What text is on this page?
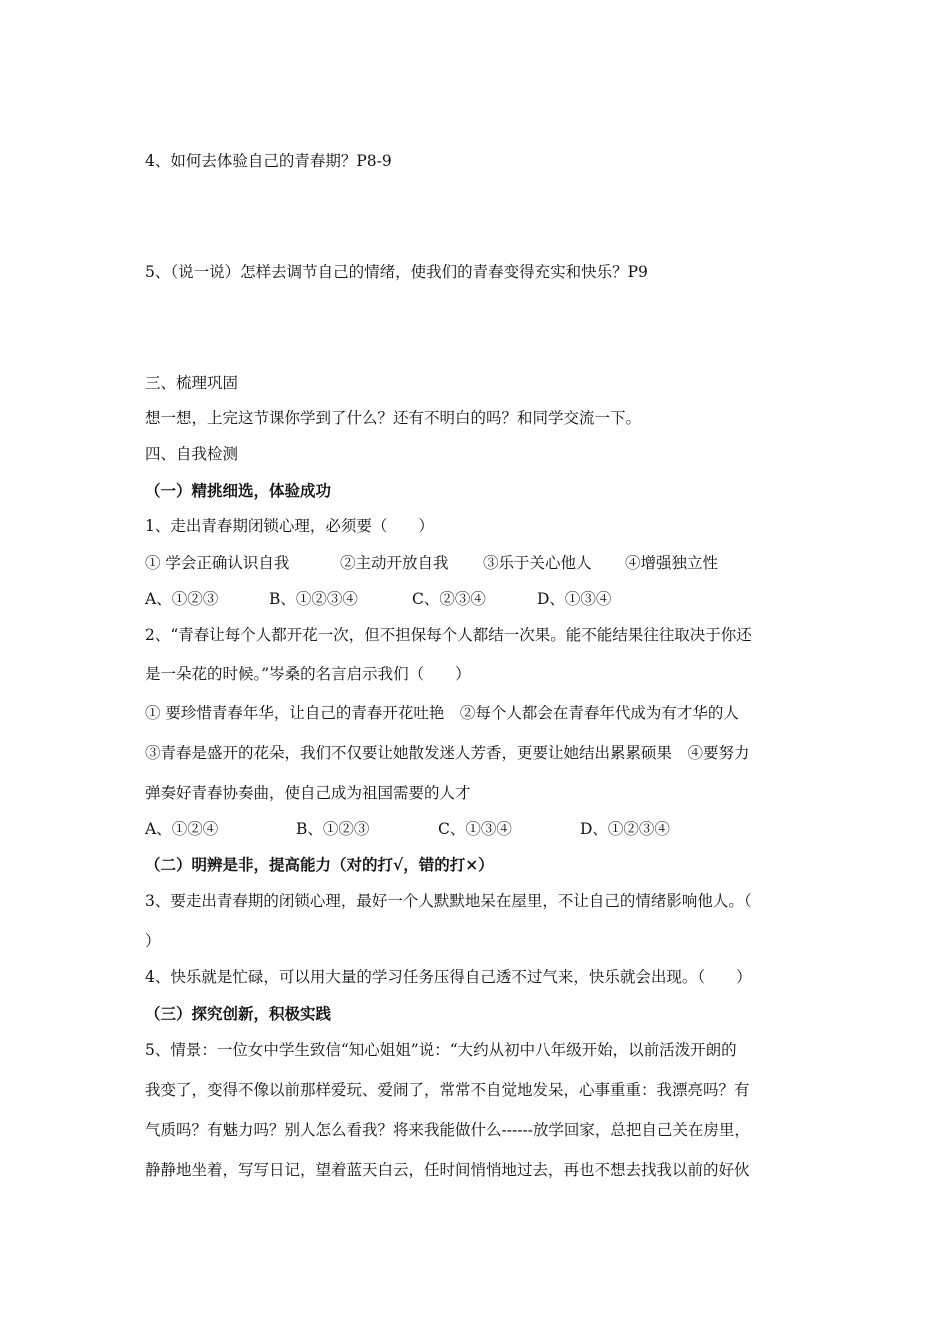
4、如何去体验自己的青春期？P8-9
5、（说一说）怎样去调节自己的情绪，使我们的青春变得充实和快乐？P9
三、梳理巩固
想一想，上完这节课你学到了什么？还有不明白的吗？和同学交流一下。
四、自我检测
（一）精挑细选，体验成功
1、走出青春期闭锁心理，必须要（　　）
① 学会正确认识自我	②主动开放自我 ③乐于关心他人 ④增强独立性
A、①②③	B、①②③④	C、②③④	D、①③④
2、“青春让每个人都开花一次，但不担保每个人都结一次果。能不能结果往往取决于你还
是一朵花的时候。”岑桑的名言启示我们（　　）
① 要珍惜青春年华，让自己的青春开花吐艳　②每个人都会在青春年代成为有才华的人
③青春是盛开的花朵，我们不仅要让她散发迷人芳香，更要让她结出累累硕果　④要努力
弹奏好青春协奏曲，使自己成为祖国需要的人才
A、①②④	B、①②③	C、①③④	D、①②③④
（二）明辨是非，提高能力（对的打√，错的打×）
3、要走出青春期的闭锁心理，最好一个人默默地呆在屋里，不让自己的情绪影响他人。（
）
4、快乐就是忙碌，可以用大量的学习任务压得自己透不过气来，快乐就会出现。（　　）
（三）探究创新，积极实践
5、情景：一位女中学生致信“知心姐姐”说：“大约从初中八年级开始，以前活泼开朗的
我变了，变得不像以前那样爱玩、爱闹了，常常不自觉地发呆，心事重重：我漂亮吗？有
气质吗？有魅力吗？别人怎么看我？将来我能做什么------放学回家，总把自己关在房里，
静静地坐着，写写日记，望着蓝天白云，任时间悄悄地过去，再也不想去找我以前的好伙
